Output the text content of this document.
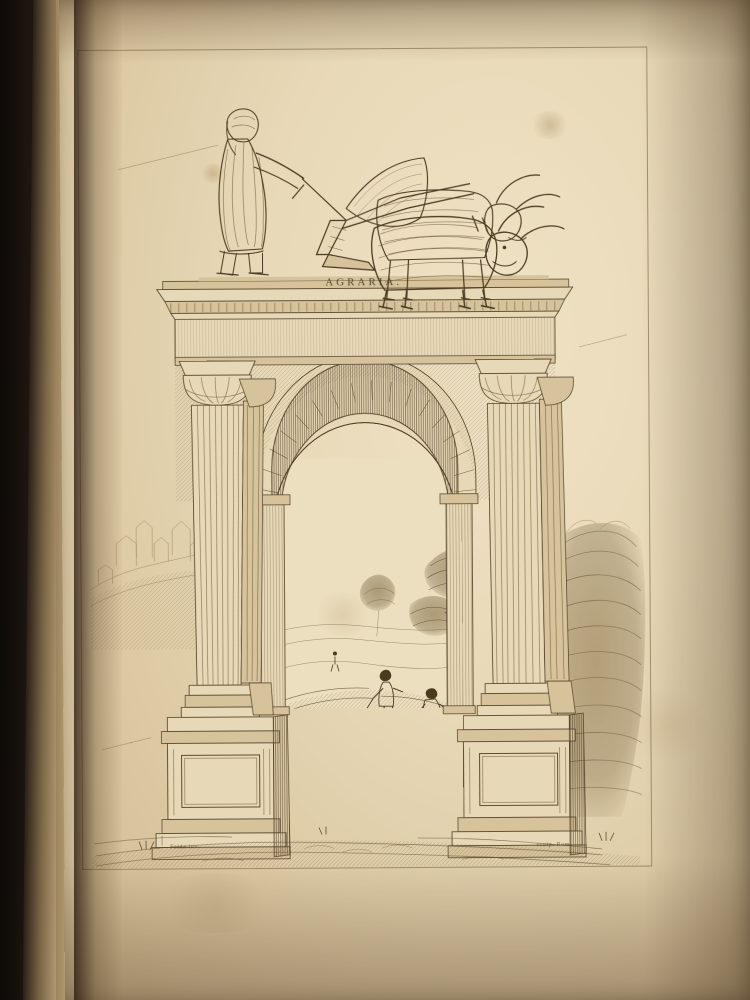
AGRARIA.
Falda inv.	sculp. Rom.
